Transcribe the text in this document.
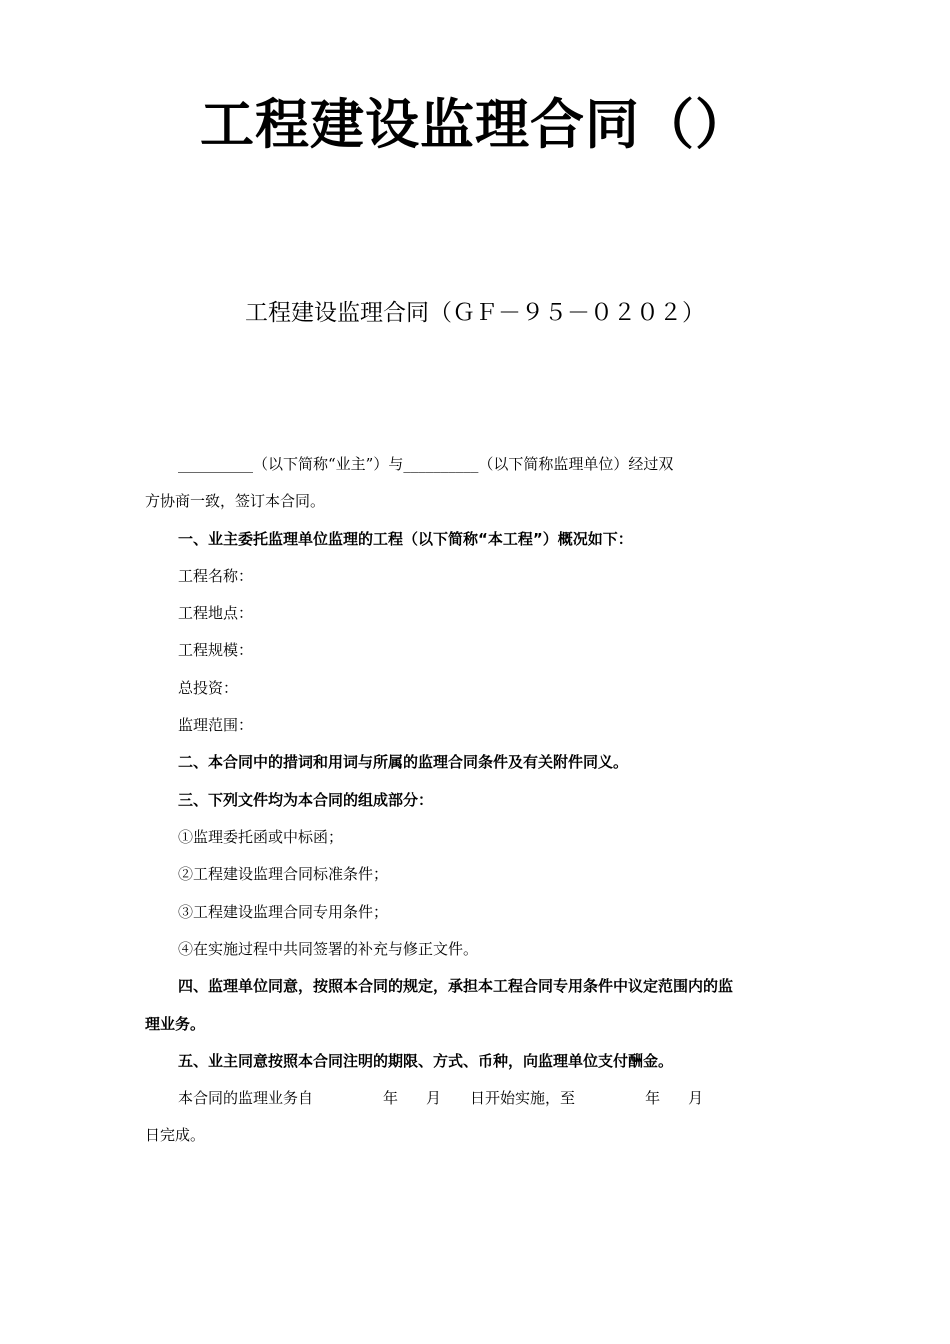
工程建设监理合同（）
工程建设监理合同（ＧＦ－９５－０２０２）
__________（以下简称“业主”）与__________（以下简称监理单位）经过双
方协商一致，签订本合同。
一、业主委托监理单位监理的工程（以下简称“本工程”）概况如下：
工程名称：
工程地点：
工程规模：
总投资：
监理范围：
二、本合同中的措词和用词与所属的监理合同条件及有关附件同义。
三、下列文件均为本合同的组成部分：
①监理委托函或中标函；
②工程建设监理合同标准条件；
③工程建设监理合同专用条件；
④在实施过程中共同签署的补充与修正文件。
四、监理单位同意，按照本合同的规定，承担本工程合同专用条件中议定范围内的监
理业务。
五、业主同意按照本合同注明的期限、方式、币种，向监理单位支付酬金。
本合同的监理业务自	年 月 日开始实施，至	年 月
日完成。
